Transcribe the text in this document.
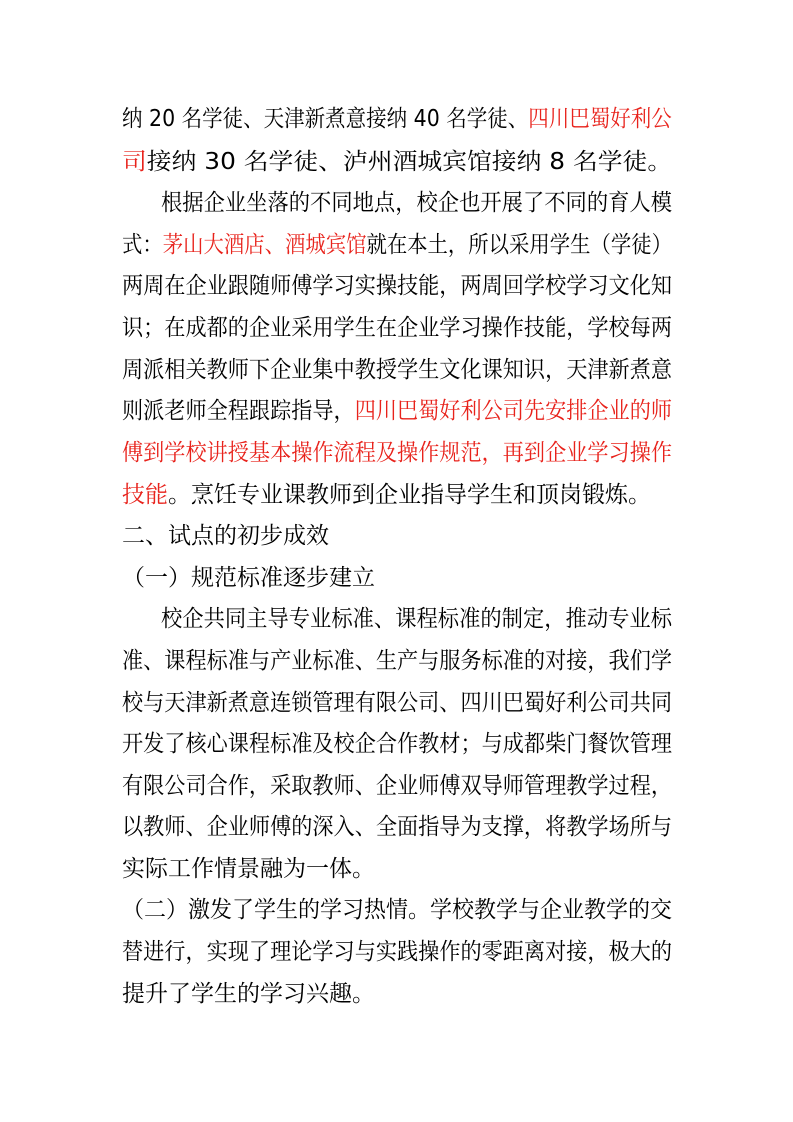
纳 20 名学徒、天津新煮意接纳 40 名学徒、四川巴蜀好利公
司接纳 30 名学徒、泸州酒城宾馆接纳 8 名学徒。
根据企业坐落的不同地点，校企也开展了不同的育人模
式：茅山大酒店、酒城宾馆就在本土，所以采用学生（学徒）
两周在企业跟随师傅学习实操技能，两周回学校学习文化知
识；在成都的企业采用学生在企业学习操作技能，学校每两
周派相关教师下企业集中教授学生文化课知识，天津新煮意
则派老师全程跟踪指导，四川巴蜀好利公司先安排企业的师
傅到学校讲授基本操作流程及操作规范，再到企业学习操作
技能。烹饪专业课教师到企业指导学生和顶岗锻炼。
二、试点的初步成效
（一）规范标准逐步建立
校企共同主导专业标准、课程标准的制定，推动专业标
准、课程标准与产业标准、生产与服务标准的对接，我们学
校与天津新煮意连锁管理有限公司、四川巴蜀好利公司共同
开发了核心课程标准及校企合作教材；与成都柴门餐饮管理
有限公司合作，采取教师、企业师傅双导师管理教学过程，
以教师、企业师傅的深入、全面指导为支撑，将教学场所与
实际工作情景融为一体。
（二）激发了学生的学习热情。学校教学与企业教学的交
替进行，实现了理论学习与实践操作的零距离对接，极大的
提升了学生的学习兴趣。
